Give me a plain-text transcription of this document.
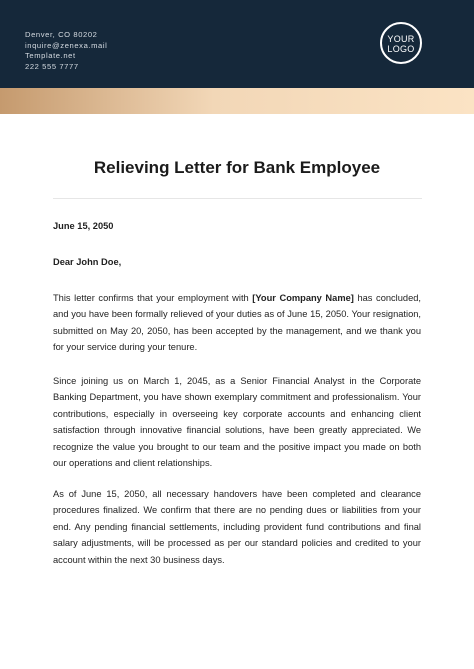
Denver, CO 80202
inquire@zenexa.mail
Template.net
222 555 7777
YOUR
LOGO
Relieving Letter for Bank Employee
June 15, 2050
Dear John Doe,
This letter confirms that your employment with [Your Company Name] has concluded, and you have been formally relieved of your duties as of June 15, 2050. Your resignation, submitted on May 20, 2050, has been accepted by the management, and we thank you for your service during your tenure.
Since joining us on March 1, 2045, as a Senior Financial Analyst in the Corporate Banking Department, you have shown exemplary commitment and professionalism. Your contributions, especially in overseeing key corporate accounts and enhancing client satisfaction through innovative financial solutions, have been greatly appreciated. We recognize the value you brought to our team and the positive impact you made on both our operations and client relationships.
As of June 15, 2050, all necessary handovers have been completed and clearance procedures finalized. We confirm that there are no pending dues or liabilities from your end. Any pending financial settlements, including provident fund contributions and final salary adjustments, will be processed as per our standard policies and credited to your account within the next 30 business days.
